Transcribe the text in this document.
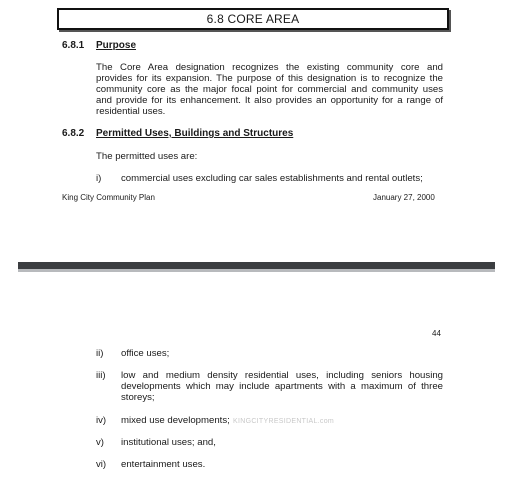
6.8 CORE AREA
6.8.1 Purpose
The Core Area designation recognizes the existing community core and
provides for its expansion. The purpose of this designation is to recognize the
community core as the major focal point for commercial and community uses
and provide for its enhancement. It also provides an opportunity for a range of
residential uses.
6.8.2 Permitted Uses, Buildings and Structures
The permitted uses are:
i) commercial uses excluding car sales establishments and rental outlets;
King City Community Plan	January 27, 2000
44
ii) office uses;
iii) low and medium density residential uses, including seniors housing
developments which may include apartments with a maximum of three
storeys;
iv) mixed use developments; KINGCITYRESIDENTIAL.com
v) institutional uses; and,
vi) entertainment uses.
